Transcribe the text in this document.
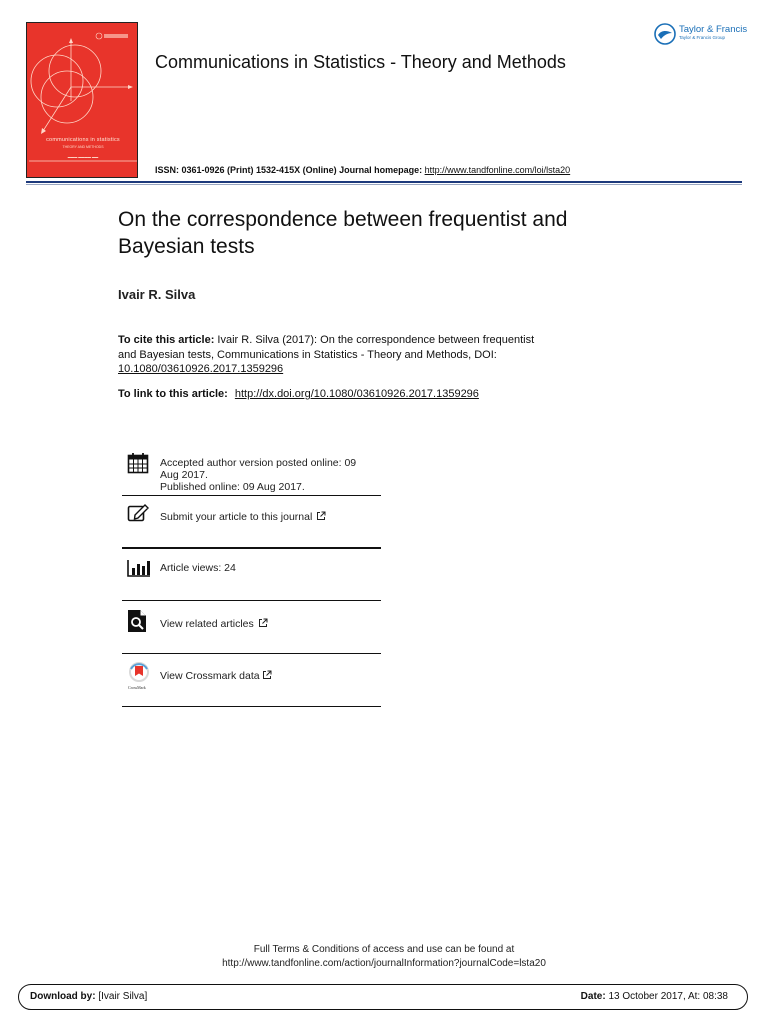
communications in statistics
THEORY AND METHODS
▬▬▬ ▬▬▬▬ ▬▬
Communications in Statistics - Theory and Methods
Taylor & Francis
Taylor & Francis Group
ISSN: 0361-0926 (Print) 1532-415X (Online) Journal homepage: http://www.tandfonline.com/loi/lsta20
On the correspondence between frequentist and
Bayesian tests
Ivair R. Silva
To cite this article: Ivair R. Silva (2017): On the correspondence between frequentist
and Bayesian tests, Communications in Statistics - Theory and Methods, DOI:
10.1080/03610926.2017.1359296
To link to this article: http://dx.doi.org/10.1080/03610926.2017.1359296
Accepted author version posted online: 09
Aug 2017.
Published online: 09 Aug 2017.
Submit your article to this journal
Article views: 24
View related articles
CrossMark
View Crossmark data
Full Terms & Conditions of access and use can be found at
http://www.tandfonline.com/action/journalInformation?journalCode=lsta20
Download by: [Ivair Silva]	Date: 13 October 2017, At: 08:38
